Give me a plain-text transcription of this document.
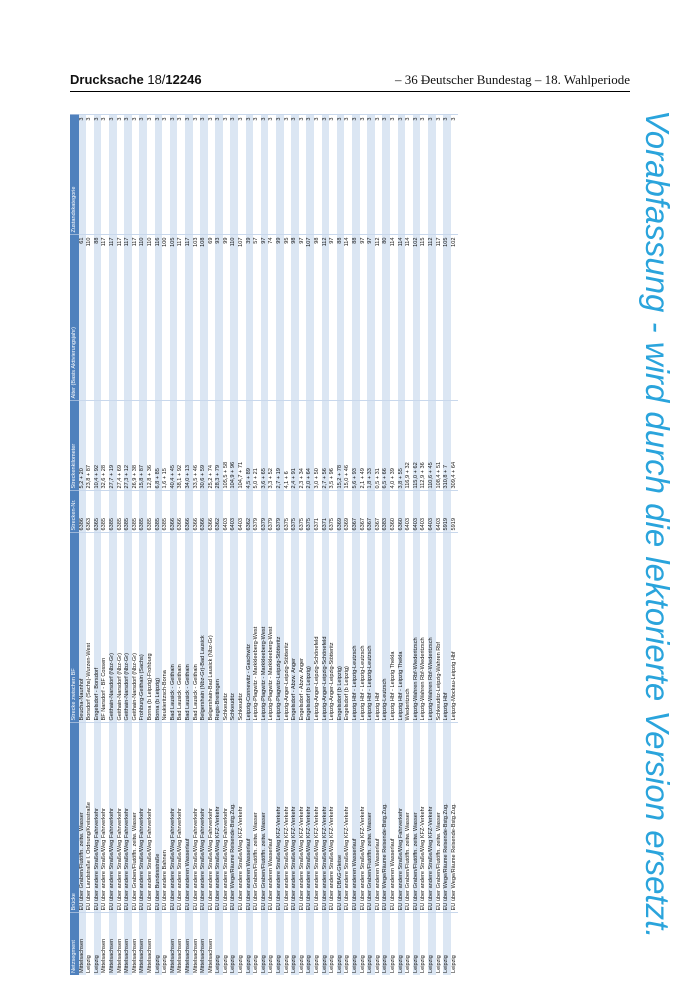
Drucksache 18/12246	– 36 –
Deutscher Bundestag – 18. Wahlperiode
Netzsegment	Brücke	Strecke zwischen BF	Strecken-Nr.	Streckenkilometer	Alter (Basis Aktivierungsjahr)	Zustandskategorie
Mittelsachsen	EÜ über Graben/Flutöffn. zeitw. Wasser	Beucha-Naunhof	6386	5,2 + 20	61	3
Leipzig	EÜ über Landstraße I. Ordnung/Kreisstraße	Borsdorf (Sachs)-Wurzen-West	6363	23,8 + 87	110	3
Leipzig	EÜ über andere Straße/Weg Fahrverkehr	Engelsdorf - Borsdorf	6365	10,4 + 92	88	3
Mittelsachsen	EÜ über andere Straße/Weg Fahrverkehr	BF Narsdorf - BF Cossen	6385	32,6 + 28	117	3
Mittelsachsen	EÜ über andere Straße/Weg Fahrverkehr	Geithain-Narsdorf (Nbz-Gr)	6385	27,7 + 19	117	3
Mittelsachsen	EÜ über andere Straße/Weg Fahrverkehr	Geithain-Narsdorf (Nbz-Gr)	6385	27,4 + 69	117	3
Mittelsachsen	EÜ über andere Straße/Weg Fahrverkehr	Geithain-Narsdorf (Nbz-Gr)	6385	27,3 + 12	117	3
Mittelsachsen	EÜ über Graben/Flutöffn. zeitw. Wasser	Geithain-Narsdorf (Nbz-Gr)	6385	26,9 + 38	117	3
Mittelsachsen	EÜ über andere Straße/Weg Fahrverkehr	Frohburg-Geithain (Sachs)	6385	15,8 + 87	110	3
Mittelsachsen	EÜ über andere Straße/Weg Fahrverkehr	Borna (b Leipzig)-Frohburg	6385	12,8 + 36	110	3
Leipzig	EÜ über Bundesstraße	Borna (b Leipzig)	6385	6,8 + 85	116	3
Leipzig	EÜ über andere Bahnen	Neukieritzsch-Borna	6385	1,6 + 15	100	3
Mittelsachsen	EÜ über andere Straße/Weg Fahrverkehr	Bad Lausick - Geithain	6366	40,4 + 45	105	3
Mittelsachsen	EÜ über andere Straße/Weg Fahrverkehr	Bad Lausick - Geithain	6366	38,1 + 92	117	3
Mittelsachsen	EÜ über anderen Wasserlauf	Bad Lausick - Geithain	6366	34,0 + 13	117	3
Mittelsachsen	EÜ über andere Straße/Weg Fahrverkehr	Bad Lausick - Geithain	6366	33,5 + 46	103	3
Mittelsachsen	EÜ über andere Straße/Weg Fahrverkehr	Belgershain (Nbz-Gr)-Bad Lausick	6366	30,6 + 59	108	3
Mittelsachsen	EÜ über andere Straße/Weg Fahrverkehr	Belgershain-Bad Lausick (Nbz-Gr)	6366	25,2 + 74	69	3
Leipzig	EÜ über andere Straße/Weg KFZ-Verkehr	Regis-Breitingen	6362	28,3 + 79	93	3
Leipzig	EÜ über andere Straße/Weg Fahrverkehr	Schkeuditz	6403	105,5 + 58	99	3
Leipzig	EÜ über Wege/Räume Reisende-Bstg.Zug.	Schkeuditz	6403	104,9 + 96	110	3
Leipzig	EÜ über andere Straße/Weg KFZ-Verkehr	Schkeuditz	6403	104,7 + 71	107	3
Leipzig	EÜ über anderen Wasserlauf	Leipzig-Connewitz - Gaschwitz	6362	4,5 + 89	39	3
Leipzig	EÜ über Graben/Flutöffn. zeitw. Wasser	Leipzig-Plagwitz - Markkleeberg-West	6379	5,0 + 21	57	3
Leipzig	EÜ über Graben/Flutöffn. zeitw. Wasser	Leipzig-Plagwitz - Markkleeberg-West	6379	3,6 + 65	97	3
Leipzig	EÜ über anderen Wasserlauf	Leipzig-Plagwitz - Markkleeberg-West	6379	3,3 + 52	74	3
Leipzig	EÜ über andere Straße/Weg KFZ-Verkehr	Leipzig-Plagwitz-Leipzig-Stötteritz	6379	2,7 + 19	99	3
Leipzig	EÜ über andere Straße/Weg KFZ-Verkehr	Leipzig-Anger-Leipzig-Stötteritz	6375	4,1 + 6	95	3
Leipzig	EÜ über andere Straße/Weg KFZ-Verkehr	Engelsdorf - Abzw. Anger	6375	2,4 + 91	98	3
Leipzig	EÜ über andere Straße/Weg KFZ-Verkehr	Engelsdorf - Abzw. Anger	6375	2,3 + 34	97	3
Leipzig	EÜ über andere Straße/Weg KFZ-Verkehr	Engelsdorf (b Leipzig)	6375	2,0 + 64	107	3
Leipzig	EÜ über andere Straße/Weg KFZ-Verkehr	Leipzig-Anger-Leipzig-Schönefeld	6371	3,0 + 50	98	3
Leipzig	EÜ über andere Straße/Weg KFZ-Verkehr	Leipzig-Anger-Leipzig-Schönefeld	6371	2,7 + 56	112	3
Leipzig	EÜ über andere Straße/Weg KFZ-Verkehr	Leipzig-Anger-Leipzig-Stötteritz	6375	3,5 + 96	97	3
Leipzig	EÜ über DBAG-Gleise	Engelsdorf (b Leipzig)	6369	15,2 + 78	88	3
Leipzig	EÜ über andere Straße/Weg KFZ-Verkehr	Engelsdorf (b Leipzig)	6369	15,0 + 46	114	3
Leipzig	EÜ über anderen Wasserlauf	Leipzig Hbf - Leipzig-Leutzsch	6367	5,6 + 93	88	3
Leipzig	EÜ über andere Straße/Weg KFZ-Verkehr	Leipzig Hbf - Leipzig-Leutzsch	6367	2,1 + 49	97	3
Leipzig	EÜ über Graben/Flutöffn. zeitw. Wasser	Leipzig Hbf - Leipzig-Leutzsch	6367	1,8 + 33	97	3
Leipzig	EÜ über anderen Wasserlauf	Leipzig Hbf	6367	0,5 + 31	112	3
Leipzig	EÜ über Wege/Räume Reisende-Bstg.Zug.	Leipzig-Leutzsch	6383	6,5 + 66	80	3
Leipzig	EÜ über anderen Wasserlauf	Leipzig Hbf - Leipzig Thekla	6360	4,0 + 39	114	3
Leipzig	EÜ über andere Straße/Weg Fahrverkehr	Leipzig Hbf - Leipzig Thekla	6360	3,8 + 55	114	3
Leipzig	EÜ über Graben/Flutöffn. zeitw. Wasser	Wiederitzsch	6403	116,9 + 32	114	3
Leipzig	EÜ über Graben/Flutöffn. zeitw. Wasser	Leipzig-Wahren Rbf-Wiederitzsch	6403	115,0 + 62	102	3
Leipzig	EÜ über andere Straße/Weg KFZ-Verkehr	Leipzig-Wahren Rbf-Wiederitzsch	6403	112,9 + 36	115	3
Leipzig	EÜ über andere Straße/Weg KFZ-Verkehr	Leipzig-Wahren Rbf-Wiederitzsch	6403	110,6 + 45	112	3
Leipzig	EÜ über Graben/Flutöffn. zeitw. Wasser	Schkeuditz-Leipzig-Wahren Rbf	6403	108,4 + 51	117	3
Leipzig	EÜ über Wege/Räume Reisende-Bstg.Zug.	Leipzig Hbf	5919	310,8 + 7	105	3
Leipzig	EÜ über Wege/Räume Reisende-Bstg.Zug.	Leipzig-Mockau-Leipzig Hbf	5919	309,4 + 64	102	3	Vorabfassung - wird durch die lektorierte Version ersetzt.
